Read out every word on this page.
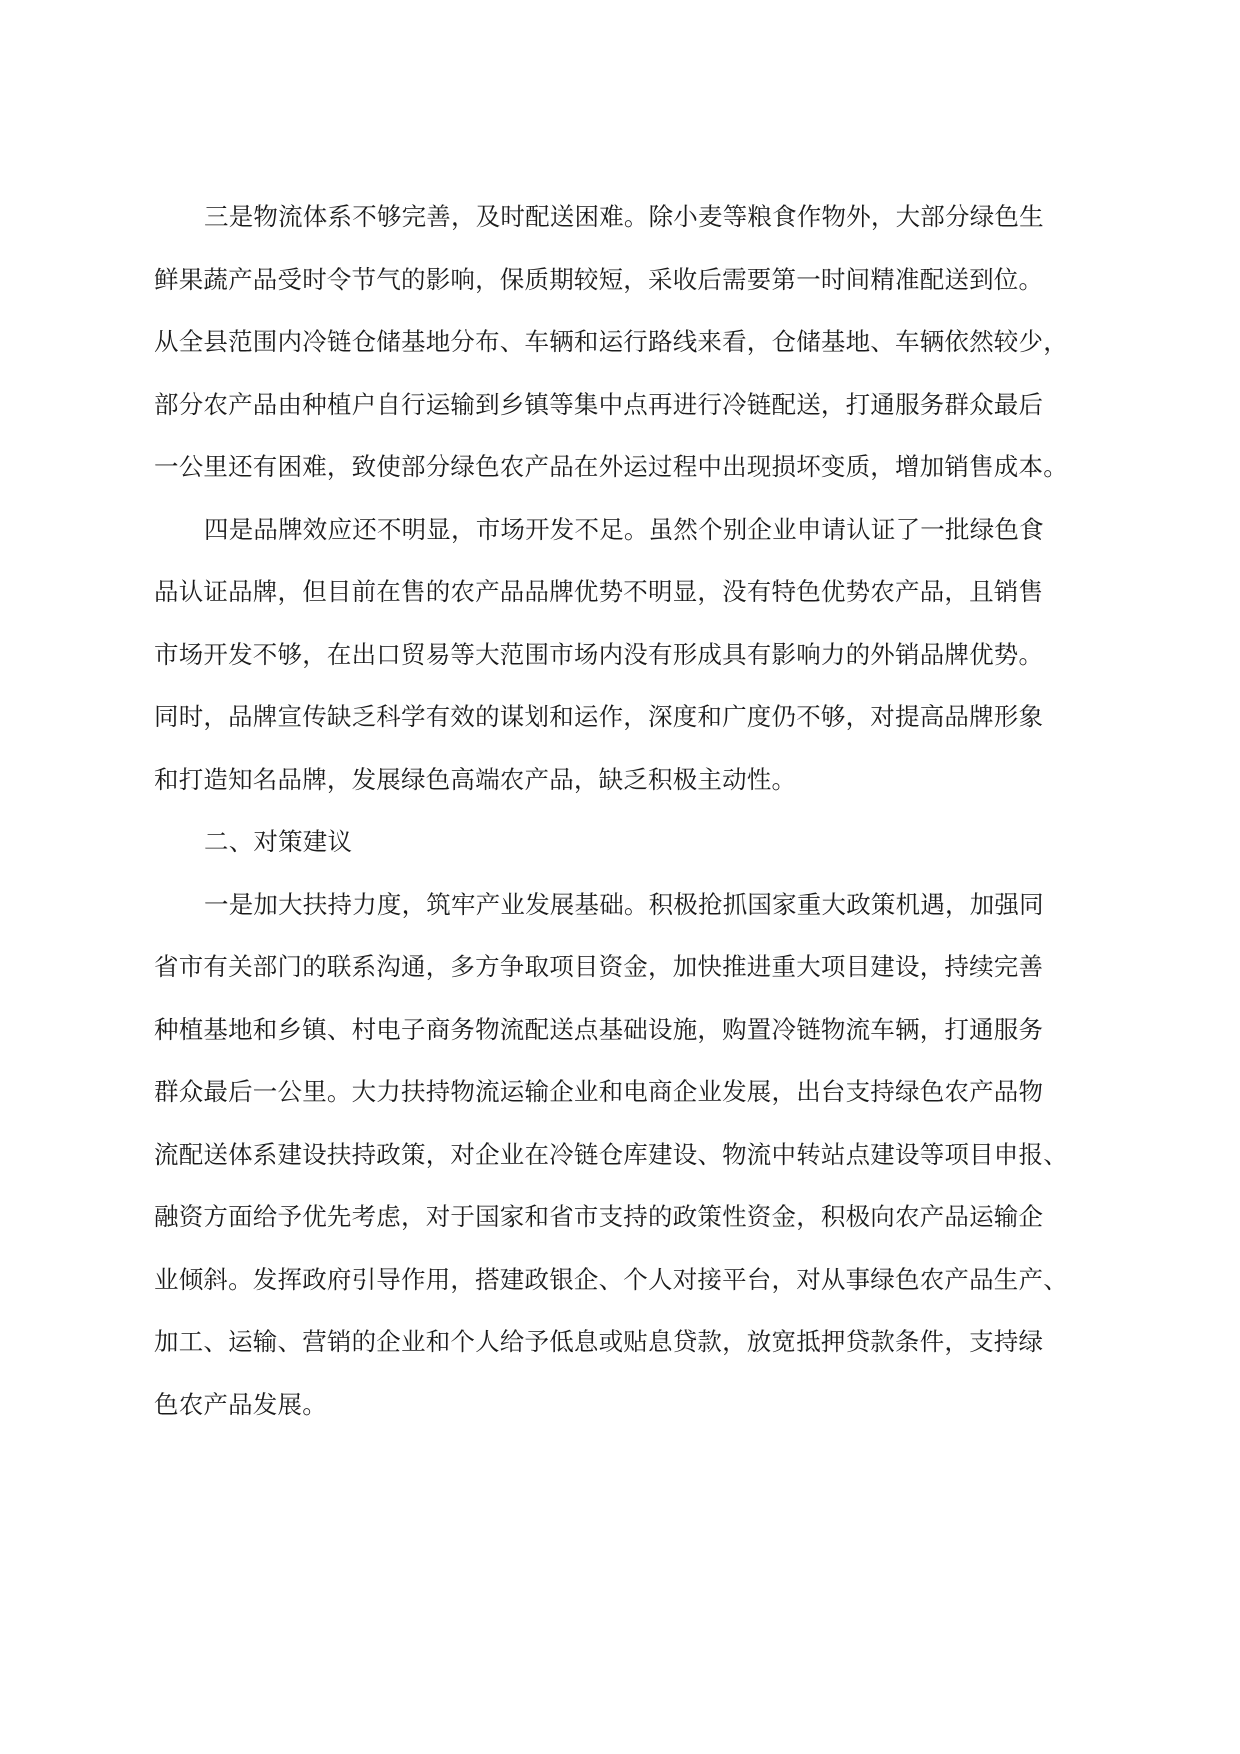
三是物流体系不够完善，及时配送困难。除小麦等粮食作物外，大部分绿色生
鲜果蔬产品受时令节气的影响，保质期较短，采收后需要第一时间精准配送到位。
从全县范围内冷链仓储基地分布、车辆和运行路线来看，仓储基地、车辆依然较少，
部分农产品由种植户自行运输到乡镇等集中点再进行冷链配送，打通服务群众最后
一公里还有困难，致使部分绿色农产品在外运过程中出现损坏变质，增加销售成本。
四是品牌效应还不明显，市场开发不足。虽然个别企业申请认证了一批绿色食
品认证品牌，但目前在售的农产品品牌优势不明显，没有特色优势农产品，且销售
市场开发不够，在出口贸易等大范围市场内没有形成具有影响力的外销品牌优势。
同时，品牌宣传缺乏科学有效的谋划和运作，深度和广度仍不够，对提高品牌形象
和打造知名品牌，发展绿色高端农产品，缺乏积极主动性。
二、对策建议
一是加大扶持力度，筑牢产业发展基础。积极抢抓国家重大政策机遇，加强同
省市有关部门的联系沟通，多方争取项目资金，加快推进重大项目建设，持续完善
种植基地和乡镇、村电子商务物流配送点基础设施，购置冷链物流车辆，打通服务
群众最后一公里。大力扶持物流运输企业和电商企业发展，出台支持绿色农产品物
流配送体系建设扶持政策，对企业在冷链仓库建设、物流中转站点建设等项目申报、
融资方面给予优先考虑，对于国家和省市支持的政策性资金，积极向农产品运输企
业倾斜。发挥政府引导作用，搭建政银企、个人对接平台，对从事绿色农产品生产、
加工、运输、营销的企业和个人给予低息或贴息贷款，放宽抵押贷款条件，支持绿
色农产品发展。
